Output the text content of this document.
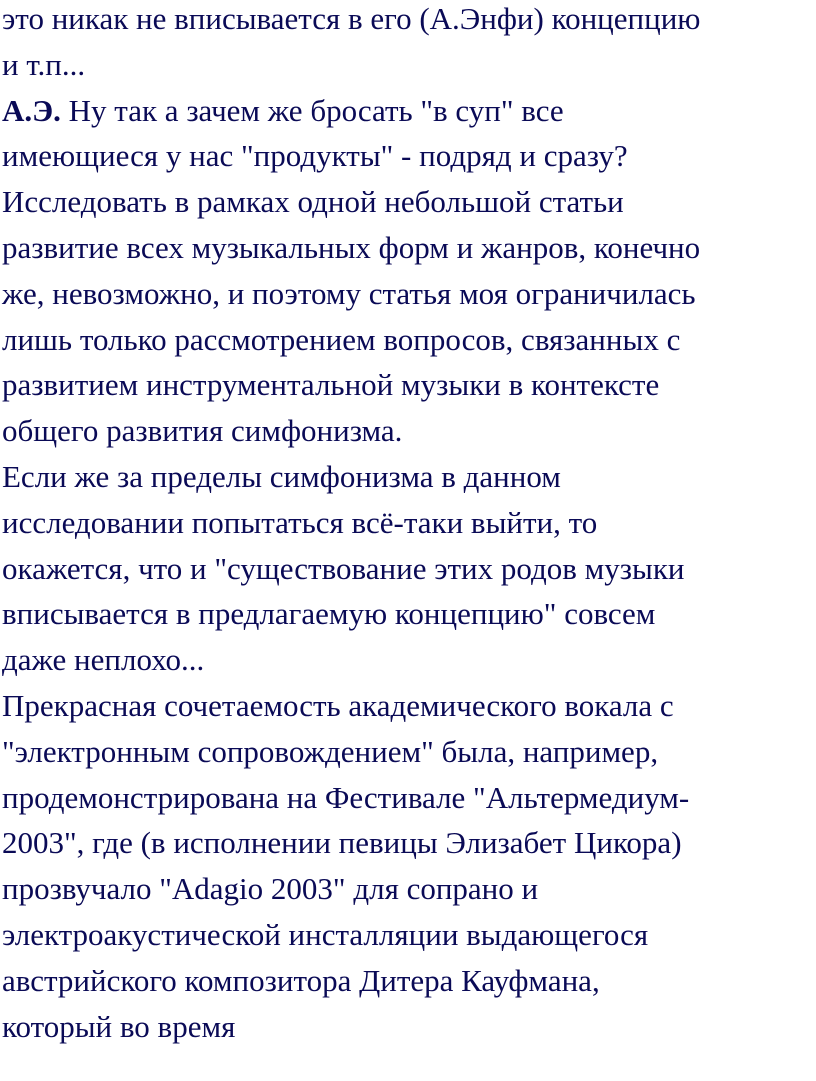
это никак не вписывается в его (А.Энфи) концепцию
и т.п...

А.Э. Ну так а зачем же бросать "в суп" все
имеющиеся у нас "продукты" - подряд и сразу?
Исследовать в рамках одной небольшой статьи
развитие всех музыкальных форм и жанров, конечно
же, невозможно, и поэтому статья моя ограничилась
лишь только рассмотрением вопросов, связанных с
развитием инструментальной музыки в контексте
общего развития симфонизма.

Если же за пределы симфонизма в данном
исследовании попытаться всё-таки выйти, то
окажется, что и "существование этих родов музыки
вписывается в предлагаемую концепцию" совсем
даже неплохо...

Прекрасная сочетаемость академического вокала с
"электронным сопровождением" была, например,
продемонстрирована на Фестивале "Альтермедиум-
2003", где (в исполнении певицы Элизабет Цикора)
прозвучало "Adagio 2003" для сопрано и
электроакустической инсталляции выдающегося
австрийского композитора Дитера Кауфмана,
который во время
